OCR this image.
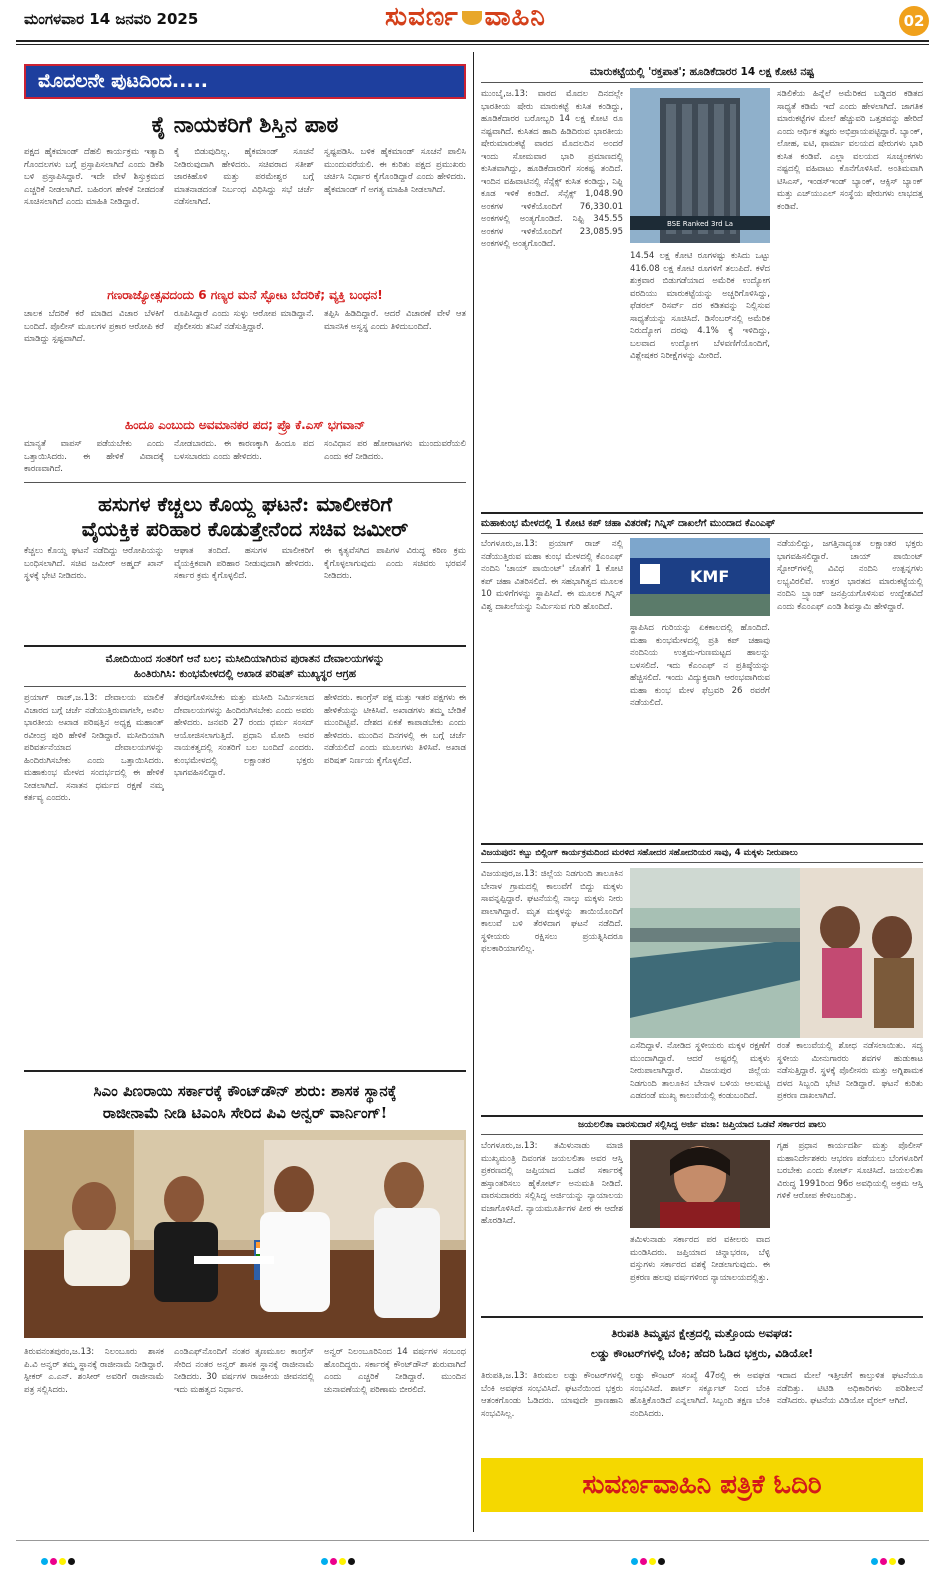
ಮಂಗಳವಾರ 14 ಜನವರಿ 2025	ಸುವರ್ಣ ವಾಹಿನಿ	02
ಮೊದಲನೇ ಪುಟದಿಂದ.....
ಕೈ ನಾಯಕರಿಗೆ ಶಿಸ್ತಿನ ಪಾಠ
ಪಕ್ಷದ ಹೈಕಮಾಂಡ್ ದೆಹಲಿ ಕಾರ್ಯಕ್ರಮ ಇತ್ಯಾದಿ ಗೊಂದಲಗಳು ಬಗ್ಗೆ ಪ್ರಸ್ತಾಪಿಸಲಾಗಿದೆ ಎಂದು ಡಿಕೆಶಿ ಬಳಿ ಪ್ರಸ್ತಾಪಿಸಿದ್ದಾರೆ. ಇದೇ ವೇಳೆ ಶಿಸ್ತುಕ್ರಮದ ಎಚ್ಚರಿಕೆ ನೀಡಲಾಗಿದೆ. ಬಹಿರಂಗ ಹೇಳಿಕೆ ನೀಡದಂತೆ ಸೂಚಿಸಲಾಗಿದೆ ಎಂದು ಮಾಹಿತಿ ನೀಡಿದ್ದಾರೆ.
ಕೈ ಬಿಡುವುದಿಲ್ಲ. ಹೈಕಮಾಂಡ್ ಸೂಚನೆ ನೀಡಿರುವುದಾಗಿ ಹೇಳಿದರು. ಸಚಿವರಾದ ಸತೀಶ್ ಜಾರಕಿಹೊಳಿ ಮತ್ತು ಪರಮೇಶ್ವರ ಬಗ್ಗೆ ಮಾತನಾಡದಂತೆ ನಿರ್ಬಂಧ ವಿಧಿಸಿದ್ದು ಸಭೆ ಚರ್ಚೆ ನಡೆಸಲಾಗಿದೆ.
ಸ್ವಷ್ಟಪಡಿಸಿ. ಬಳಿಕ ಹೈಕಮಾಂಡ್ ಸೂಚನೆ ಪಾಲಿಸಿ ಮುಂದುವರೆಯಲಿ. ಈ ಕುರಿತು ಪಕ್ಷದ ಪ್ರಮುಖರು ಚರ್ಚಿಸಿ ನಿರ್ಧಾರ ಕೈಗೊಂಡಿದ್ದಾರೆ ಎಂದು ಹೇಳಿದರು. ಹೈಕಮಾಂಡ್ ಗೆ ಅಗತ್ಯ ಮಾಹಿತಿ ನೀಡಲಾಗಿದೆ.
ಗಣರಾಜ್ಯೋತ್ಸವದಂದು 6 ಗಣ್ಯರ ಮನೆ ಸ್ಫೋಟ ಬೆದರಿಕೆ; ವ್ಯಕ್ತಿ ಬಂಧನ!
ಚಾಲಕ ಬೆದರಿಕೆ ಕರೆ ಮಾಡಿದ ವಿಚಾರ ಬೆಳಕಿಗೆ ಬಂದಿದೆ. ಪೊಲೀಸ್ ಮೂಲಗಳ ಪ್ರಕಾರ ಆರೋಪಿ ಕರೆ ಮಾಡಿದ್ದು ಸ್ಪಷ್ಟವಾಗಿದೆ.
ರೂಪಿಸಿದ್ದಾರೆ ಎಂದು ಸುಳ್ಳು ಆರೋಪ ಮಾಡಿದ್ದಾನೆ. ಪೊಲೀಸರು ತನಿಖೆ ನಡೆಸುತ್ತಿದ್ದಾರೆ.
ತಪ್ಪಿಸಿ ಹಿಡಿದಿದ್ದಾರೆ. ಆದರೆ ವಿಚಾರಣೆ ವೇಳೆ ಆತ ಮಾನಸಿಕ ಅಸ್ವಸ್ಥ ಎಂದು ತಿಳಿದುಬಂದಿದೆ.
ಹಿಂದೂ ಎಂಬುದು ಅವಮಾನಕರ ಪದ; ಪ್ರೊ ಕೆ.ಎಸ್ ಭಗವಾನ್
ಮಾನ್ಯತೆ ವಾಪಸ್ ಪಡೆಯಬೇಕು ಎಂದು ಒತ್ತಾಯಿಸಿದರು. ಈ ಹೇಳಿಕೆ ವಿವಾದಕ್ಕೆ ಕಾರಣವಾಗಿದೆ.
ನೋಡಬಾರದು. ಈ ಕಾರಣಕ್ಕಾಗಿ ಹಿಂದೂ ಪದ ಬಳಸಬಾರದು ಎಂದು ಹೇಳಿದರು.
ಸಂವಿಧಾನ ಪರ ಹೋರಾಟಗಳು ಮುಂದುವರೆಯಲಿ ಎಂದು ಕರೆ ನೀಡಿದರು.
ಹಸುಗಳ ಕೆಚ್ಚಲು ಕೊಯ್ದ ಘಟನೆ: ಮಾಲೀಕರಿಗೆ
ವೈಯಕ್ತಿಕ ಪರಿಹಾರ ಕೊಡುತ್ತೇನೆಂದ ಸಚಿವ ಜಮೀರ್
ಕೆಚ್ಚಲು ಕೊಯ್ದ ಘಟನೆ ನಡೆದಿದ್ದು ಆರೋಪಿಯನ್ನು ಬಂಧಿಸಲಾಗಿದೆ. ಸಚಿವ ಜಮೀರ್ ಅಹ್ಮದ್ ಖಾನ್ ಸ್ಥಳಕ್ಕೆ ಭೇಟಿ ನೀಡಿದರು.
ಆಘಾತ ತಂದಿದೆ. ಹಸುಗಳ ಮಾಲೀಕರಿಗೆ ವೈಯಕ್ತಿಕವಾಗಿ ಪರಿಹಾರ ನೀಡುವುದಾಗಿ ಹೇಳಿದರು. ಸರ್ಕಾರ ಕ್ರಮ ಕೈಗೊಳ್ಳಲಿದೆ.
ಈ ಕೃತ್ಯವೆಸಗಿದ ಪಾಪಿಗಳ ವಿರುದ್ಧ ಕಠಿಣ ಕ್ರಮ ಕೈಗೊಳ್ಳಲಾಗುವುದು ಎಂದು ಸಚಿವರು ಭರವಸೆ ನೀಡಿದರು.
ಮೋದಿಯಿಂದ ಸಂತರಿಗೆ ಆನೆ ಬಲ; ಮಸೀದಿಯಾಗಿರುವ ಪುರಾತನ ದೇವಾಲಯಗಳನ್ನು
ಹಿಂತಿರುಗಿಸಿ: ಕುಂಭಮೇಳದಲ್ಲಿ ಅಖಾಡ ಪರಿಷತ್ ಮುಖ್ಯಸ್ಥರ ಆಗ್ರಹ
ಪ್ರಯಾಗ್ ರಾಜ್,ಜ.13: ದೇವಾಲಯ ಮಾಲಿಕೆ ವಿಚಾರದ ಬಗ್ಗೆ ಚರ್ಚೆ ನಡೆಯುತ್ತಿರುವಾಗಲೇ, ಅಖಿಲ ಭಾರತೀಯ ಅಖಾಡ ಪರಿಷತ್ತಿನ ಅಧ್ಯಕ್ಷ ಮಹಾಂತ್ ರವೀಂದ್ರ ಪುರಿ ಹೇಳಿಕೆ ನೀಡಿದ್ದಾರೆ. ಮಸೀದಿಯಾಗಿ ಪರಿವರ್ತನೆಯಾದ ದೇವಾಲಯಗಳನ್ನು ಹಿಂದಿರುಗಿಸಬೇಕು ಎಂದು ಒತ್ತಾಯಿಸಿದರು. ಮಹಾಕುಂಭ ಮೇಳದ ಸಂದರ್ಭದಲ್ಲಿ ಈ ಹೇಳಿಕೆ ನೀಡಲಾಗಿದೆ. ಸನಾತನ ಧರ್ಮದ ರಕ್ಷಣೆ ನಮ್ಮ ಕರ್ತವ್ಯ ಎಂದರು.
ತೆರವುಗೊಳಿಸಬೇಕು ಮತ್ತು ಮಸೀದಿ ನಿರ್ಮಿಸಲಾದ ದೇವಾಲಯಗಳನ್ನು ಹಿಂದಿರುಗಿಸಬೇಕು ಎಂದು ಅವರು ಹೇಳಿದರು. ಜನವರಿ 27 ರಂದು ಧರ್ಮ ಸಂಸದ್ ಆಯೋಜಿಸಲಾಗುತ್ತಿದೆ. ಪ್ರಧಾನಿ ಮೋದಿ ಅವರ ನಾಯಕತ್ವದಲ್ಲಿ ಸಂತರಿಗೆ ಬಲ ಬಂದಿದೆ ಎಂದರು. ಕುಂಭಮೇಳದಲ್ಲಿ ಲಕ್ಷಾಂತರ ಭಕ್ತರು ಭಾಗವಹಿಸಲಿದ್ದಾರೆ.
ಹೇಳಿದರು. ಕಾಂಗ್ರೆಸ್ ಪಕ್ಷ ಮತ್ತು ಇತರ ಪಕ್ಷಗಳು ಈ ಹೇಳಿಕೆಯನ್ನು ಟೀಕಿಸಿವೆ. ಅಖಾಡಗಳು ತಮ್ಮ ಬೇಡಿಕೆ ಮುಂದಿಟ್ಟಿವೆ. ದೇಶದ ಏಕತೆ ಕಾಪಾಡಬೇಕು ಎಂದು ಹೇಳಿದರು. ಮುಂದಿನ ದಿನಗಳಲ್ಲಿ ಈ ಬಗ್ಗೆ ಚರ್ಚೆ ನಡೆಯಲಿದೆ ಎಂದು ಮೂಲಗಳು ತಿಳಿಸಿವೆ. ಅಖಾಡ ಪರಿಷತ್ ನಿರ್ಣಯ ಕೈಗೊಳ್ಳಲಿದೆ.
ಸಿಎಂ ಪಿಣರಾಯಿ ಸರ್ಕಾರಕ್ಕೆ ಕೌಂಟ್‌ಡೌನ್ ಶುರು: ಶಾಸಕ ಸ್ಥಾನಕ್ಕೆ
ರಾಜೀನಾಮೆ ನೀಡಿ ಟಿಎಂಸಿ ಸೇರಿದ ಪಿವಿ ಅನ್ವರ್ ವಾರ್ನಿಂಗ್!
ತಿರುವನಂತಪುರಂ,ಜ.13: ನಿಲಂಬೂರು ಶಾಸಕ ಪಿ.ವಿ ಅನ್ವರ್ ತಮ್ಮ ಸ್ಥಾನಕ್ಕೆ ರಾಜೀನಾಮೆ ನೀಡಿದ್ದಾರೆ. ಸ್ಪೀಕರ್ ಎ.ಎನ್. ಶಂಸೀರ್ ಅವರಿಗೆ ರಾಜೀನಾಮೆ ಪತ್ರ ಸಲ್ಲಿಸಿದರು.
ಎಂಡಿಎಫ್‌ನೊಂದಿಗೆ ನಂತರ ತೃಣಮೂಲ ಕಾಂಗ್ರೆಸ್ ಸೇರಿದ ನಂತರ ಅನ್ವರ್ ಶಾಸಕ ಸ್ಥಾನಕ್ಕೆ ರಾಜೀನಾಮೆ ನೀಡಿದರು. 30 ವರ್ಷಗಳ ರಾಜಕೀಯ ಜೀವನದಲ್ಲಿ ಇದು ಮಹತ್ವದ ನಿರ್ಧಾರ.
ಅನ್ವರ್ ನಿಲಂಬೂರಿನಿಂದ 14 ವರ್ಷಗಳ ಸಂಬಂಧ ಹೊಂದಿದ್ದರು. ಸರ್ಕಾರಕ್ಕೆ ಕೌಂಟ್‌ಡೌನ್ ಶುರುವಾಗಿದೆ ಎಂದು ಎಚ್ಚರಿಕೆ ನೀಡಿದ್ದಾರೆ. ಮುಂದಿನ ಚುನಾವಣೆಯಲ್ಲಿ ಪರಿಣಾಮ ಬೀರಲಿದೆ.
ಮಾರುಕಟ್ಟೆಯಲ್ಲಿ 'ರಕ್ತಪಾತ'; ಹೂಡಿಕೆದಾರರ 14 ಲಕ್ಷ ಕೋಟಿ ನಷ್ಟ
ಮುಂಬೈ,ಜ.13: ವಾರದ ಮೊದಲ ದಿನದಲ್ಲೇ ಭಾರತೀಯ ಷೇರು ಮಾರುಕಟ್ಟೆ ಕುಸಿತ ಕಂಡಿದ್ದು, ಹೂಡಿಕೆದಾರರ ಬರೋಬ್ಬರಿ 14 ಲಕ್ಷ ಕೋಟಿ ರೂ ನಷ್ಟವಾಗಿದೆ. ಕುಸಿತದ ಹಾದಿ ಹಿಡಿದಿರುವ ಭಾರತೀಯ ಷೇರುಮಾರುಕಟ್ಟೆ ವಾರದ ಮೊದಲದಿನ ಅಂದರೆ ಇಂದು ಸೋಮವಾರ ಭಾರಿ ಪ್ರಮಾಣದಲ್ಲಿ ಕುಸಿತವಾಗಿದ್ದು, ಹೂಡಿಕೆದಾರರಿಗೆ ಸಂಕಷ್ಟ ತಂದಿದೆ. ಇಂದಿನ ವಹಿವಾಟಿನಲ್ಲಿ ಸೆನ್ಸೆಕ್ಸ್ ಕುಸಿತ ಕಂಡಿದ್ದು, ನಿಫ್ಟಿ ಕೂಡ ಇಳಿಕೆ ಕಂಡಿದೆ. ಸೆನ್ಸೆಕ್ಸ್ 1,048.90 ಅಂಕಗಳ ಇಳಿಕೆಯೊಂದಿಗೆ 76,330.01 ಅಂಕಗಳಲ್ಲಿ ಅಂತ್ಯಗೊಂಡಿದೆ. ನಿಫ್ಟಿ 345.55 ಅಂಕಗಳ ಇಳಿಕೆಯೊಂದಿಗೆ 23,085.95 ಅಂಕಗಳಲ್ಲಿ ಅಂತ್ಯಗೊಂಡಿದೆ.
BSE Ranked 3rd La
ಸಡಿಲಿಕೆಯ ಹಿನ್ನೆಲೆ ಅಮೆರಿಕದ ಬಡ್ಡಿದರ ಕಡಿತದ ಸಾಧ್ಯತೆ ಕಡಿಮೆ ಇದೆ ಎಂದು ಹೇಳಲಾಗಿದೆ. ಜಾಗತಿಕ ಮಾರುಕಟ್ಟೆಗಳ ಮೇಲೆ ಹೆಚ್ಚುವರಿ ಒತ್ತಡವನ್ನು ಹೇರಿದೆ ಎಂದು ಆರ್ಥಿಕ ತಜ್ಞರು ಅಭಿಪ್ರಾಯಪಟ್ಟಿದ್ದಾರೆ. ಬ್ಯಾಂಕ್, ಲೋಹ, ಐಟಿ, ಫಾರ್ಮಾ ವಲಯದ ಷೇರುಗಳು ಭಾರಿ ಕುಸಿತ ಕಂಡಿವೆ. ಎಲ್ಲಾ ವಲಯದ ಸೂಚ್ಯಂಕಗಳು ನಷ್ಟದಲ್ಲಿ ವಹಿವಾಟು ಕೊನೆಗೊಳಿಸಿವೆ. ಅಂತಿಮವಾಗಿ ಟಿಸಿಎಸ್, ಇಂಡಸ್‌ಇಂಡ್ ಬ್ಯಾಂಕ್, ಆಕ್ಸಿಸ್ ಬ್ಯಾಂಕ್ ಮತ್ತು ಎಚ್‌ಯುಎಲ್ ಸಂಸ್ಥೆಯ ಷೇರುಗಳು ಲಾಭದತ್ತ ಕಂಡಿವೆ.
14.54 ಲಕ್ಷ ಕೋಟಿ ರೂಗಳಷ್ಟು ಕುಸಿದು ಒಟ್ಟು 416.08 ಲಕ್ಷ ಕೋಟಿ ರೂಗಳಿಗೆ ತಲುಪಿದೆ. ಕಳೆದ ಶುಕ್ರವಾರ ಬಿಡುಗಡೆಯಾದ ಅಮೆರಿಕ ಉದ್ಯೋಗ ವರದಿಯು ಮಾರುಕಟ್ಟೆಯನ್ನು ಅಚ್ಚರಿಗೊಳಿಸಿದ್ದು, ಫೆಡರಲ್ ರಿಸರ್ವ್ ದರ ಕಡಿತವನ್ನು ನಿಲ್ಲಿಸುವ ಸಾಧ್ಯತೆಯನ್ನು ಸೂಚಿಸಿದೆ. ಡಿಸೆಂಬರ್‌ನಲ್ಲಿ ಅಮೆರಿಕ ನಿರುದ್ಯೋಗ ದರವು 4.1% ಕ್ಕೆ ಇಳಿದಿದ್ದು, ಬಲವಾದ ಉದ್ಯೋಗ ಬೆಳವಣಿಗೆಯೊಂದಿಗೆ, ವಿಶ್ಲೇಷಕರ ನಿರೀಕ್ಷೆಗಳನ್ನು ಮೀರಿದೆ.
ಮಹಾಕುಂಭ ಮೇಳದಲ್ಲಿ 1 ಕೋಟಿ ಕಪ್ ಚಹಾ ವಿತರಣೆ; ಗಿನ್ನಿಸ್ ದಾಖಲೆಗೆ ಮುಂದಾದ ಕೆಎಂಎಫ್
ಬೆಂಗಳೂರು,ಜ.13: ಪ್ರಯಾಗ್ ರಾಜ್ ನಲ್ಲಿ ನಡೆಯುತ್ತಿರುವ ಮಹಾ ಕುಂಭ ಮೇಳದಲ್ಲಿ ಕೆಎಂಎಫ್ ನಂದಿನಿ 'ಚಾಯ್ ಪಾಯಿಂಟ್' ಜೊತೆಗೆ 1 ಕೋಟಿ ಕಪ್ ಚಹಾ ವಿತರಿಸಲಿದೆ. ಈ ಸಹಭಾಗಿತ್ವದ ಮೂಲಕ 10 ಮಳಿಗೆಗಳನ್ನು ಸ್ಥಾಪಿಸಿದೆ. ಈ ಮೂಲಕ ಗಿನ್ನಿಸ್ ವಿಶ್ವ ದಾಖಲೆಯನ್ನು ನಿರ್ಮಿಸುವ ಗುರಿ ಹೊಂದಿದೆ.
KMF
ಸ್ಥಾಪಿಸಿದ ಗುರಿಯನ್ನು ಏಕಕಾಲದಲ್ಲಿ ಹೊಂದಿದೆ. ಮಹಾ ಕುಂಭಮೇಳದಲ್ಲಿ ಪ್ರತಿ ಕಪ್ ಚಹಾವು ನಂದಿನಿಯ ಉತ್ತಮ-ಗುಣಮಟ್ಟದ ಹಾಲನ್ನು ಬಳಸಲಿದೆ. ಇದು ಕೆಎಂಎಫ್ ನ ಪ್ರತಿಷ್ಠೆಯನ್ನು ಹೆಚ್ಚಿಸಲಿದೆ. ಇಂದು ವಿದ್ಯುಕ್ತವಾಗಿ ಆರಂಭವಾಗಿರುವ ಮಹಾ ಕುಂಭ ಮೇಳ ಫೆಬ್ರವರಿ 26 ರವರೆಗೆ ನಡೆಯಲಿದೆ.
ನಡೆಯಲಿದ್ದು, ಜಗತ್ತಿನಾದ್ಯಂತ ಲಕ್ಷಾಂತರ ಭಕ್ತರು ಭಾಗವಹಿಸಲಿದ್ದಾರೆ. ಚಾಯ್ ಪಾಯಿಂಟ್ ಸ್ಟೋರ್‌ಗಳಲ್ಲಿ ವಿವಿಧ ನಂದಿನಿ ಉತ್ಪನ್ನಗಳು ಲಭ್ಯವಿರಲಿವೆ. ಉತ್ತರ ಭಾರತದ ಮಾರುಕಟ್ಟೆಯಲ್ಲಿ ನಂದಿನಿ ಬ್ರ್ಯಾಂಡ್ ಜನಪ್ರಿಯಗೊಳಿಸುವ ಉದ್ದೇಶವಿದೆ ಎಂದು ಕೆಎಂಎಫ್ ಎಂಡಿ ಶಿವಸ್ವಾಮಿ ಹೇಳಿದ್ದಾರೆ.
ವಿಜಯಪುರ: ಕಬ್ಬು ಬಿಲ್ಲಿಂಗ್ ಕಾರ್ಯಕ್ರಮದಿಂದ ಮರಳಿದ ಸಹೋದರ ಸಹೋದರಿಯರ ಸಾವು, 4 ಮಕ್ಕಳು ನೀರುಪಾಲು
ವಿಜಯಪುರ,ಜ.13: ಜಿಲ್ಲೆಯ ನಿಡಗುಂದಿ ತಾಲೂಕಿನ ಬೇನಾಳ ಗ್ರಾಮದಲ್ಲಿ ಕಾಲುವೆಗೆ ಬಿದ್ದು ಮಕ್ಕಳು ಸಾವನ್ನಪ್ಪಿದ್ದಾರೆ. ಘಟನೆಯಲ್ಲಿ ನಾಲ್ಕು ಮಕ್ಕಳು ನೀರು ಪಾಲಾಗಿದ್ದಾರೆ. ಮೃತ ಮಕ್ಕಳನ್ನು ತಾಯಿಯೊಂದಿಗೆ ಕಾಲುವೆ ಬಳಿ ತೆರಳಿದಾಗ ಘಟನೆ ನಡೆದಿದೆ. ಸ್ಥಳೀಯರು ರಕ್ಷಿಸಲು ಪ್ರಯತ್ನಿಸಿದರೂ ಫಲಕಾರಿಯಾಗಲಿಲ್ಲ.
ಎಸೆದಿದ್ದಾಳೆ. ನೋಡಿದ ಸ್ಥಳೀಯರು ಮಕ್ಕಳ ರಕ್ಷಣೆಗೆ ಮುಂದಾಗಿದ್ದಾರೆ. ಆದರೆ ಅಷ್ಟರಲ್ಲಿ ಮಕ್ಕಳು ನೀರುಪಾಲಾಗಿದ್ದಾರೆ. ವಿಜಯಪುರ ಜಿಲ್ಲೆಯ ನಿಡಗುಂದಿ ತಾಲೂಕಿನ ಬೇನಾಳ ಬಳಿಯ ಆಲಮಟ್ಟಿ ಎಡದಂಡೆ ಮುಖ್ಯ ಕಾಲುವೆಯಲ್ಲಿ ಕಂಡುಬಂದಿದೆ.
ರಂತೆ ಕಾಲುವೆಯಲ್ಲಿ ಶೋಧ ನಡೆಸಲಾಯಿತು. ಸದ್ಯ ಸ್ಥಳೀಯ ಮೀನುಗಾರರು ಶವಗಳ ಹುಡುಕಾಟ ನಡೆಸುತ್ತಿದ್ದಾರೆ. ಸ್ಥಳಕ್ಕೆ ಪೊಲೀಸರು ಮತ್ತು ಅಗ್ನಿಶಾಮಕ ದಳದ ಸಿಬ್ಬಂದಿ ಭೇಟಿ ನೀಡಿದ್ದಾರೆ. ಘಟನೆ ಕುರಿತು ಪ್ರಕರಣ ದಾಖಲಾಗಿದೆ.
ಜಯಲಲಿತಾ ವಾರಸುದಾರೆ ಸಲ್ಲಿಸಿದ್ದ ಅರ್ಜಿ ವಜಾ: ಜಪ್ತಿಯಾದ ಒಡವೆ ಸರ್ಕಾರದ ಪಾಲು
ಬೆಂಗಳೂರು,ಜ.13: ತಮಿಳುನಾಡು ಮಾಜಿ ಮುಖ್ಯಮಂತ್ರಿ ದಿವಂಗತ ಜಯಲಲಿತಾ ಅವರ ಆಸ್ತಿ ಪ್ರಕರಣದಲ್ಲಿ ಜಪ್ತಿಯಾದ ಒಡವೆ ಸರ್ಕಾರಕ್ಕೆ ಹಸ್ತಾಂತರಿಸಲು ಹೈಕೋರ್ಟ್ ಅನುಮತಿ ನೀಡಿದೆ. ವಾರಸುದಾರರು ಸಲ್ಲಿಸಿದ್ದ ಅರ್ಜಿಯನ್ನು ನ್ಯಾಯಾಲಯ ವಜಾಗೊಳಿಸಿದೆ. ನ್ಯಾಯಮೂರ್ತಿಗಳ ಪೀಠ ಈ ಆದೇಶ ಹೊರಡಿಸಿದೆ.
ತಮಿಳುನಾಡು ಸರ್ಕಾರದ ಪರ ವಕೀಲರು ವಾದ ಮಂಡಿಸಿದರು. ಜಪ್ತಿಯಾದ ಚಿನ್ನಾಭರಣ, ಬೆಳ್ಳಿ ವಸ್ತುಗಳು ಸರ್ಕಾರದ ವಶಕ್ಕೆ ನೀಡಲಾಗುವುದು. ಈ ಪ್ರಕರಣ ಹಲವು ವರ್ಷಗಳಿಂದ ನ್ಯಾಯಾಲಯದಲ್ಲಿತ್ತು.
ಗೃಹ ಪ್ರಧಾನ ಕಾರ್ಯದರ್ಶಿ ಮತ್ತು ಪೊಲೀಸ್ ಮಹಾನಿರ್ದೇಶಕರು ಆಭರಣ ಪಡೆಯಲು ಬೆಂಗಳೂರಿಗೆ ಬರಬೇಕು ಎಂದು ಕೋರ್ಟ್ ಸೂಚಿಸಿದೆ. ಜಯಲಲಿತಾ ವಿರುದ್ಧ 1991ರಿಂದ 96ರ ಅವಧಿಯಲ್ಲಿ ಅಕ್ರಮ ಆಸ್ತಿ ಗಳಿಕೆ ಆರೋಪ ಕೇಳಿಬಂದಿತ್ತು.
ತಿರುಪತಿ ತಿಮ್ಮಪ್ಪನ ಕ್ಷೇತ್ರದಲ್ಲಿ ಮತ್ತೊಂದು ಅವಘಡ:
ಲಡ್ಡು ಕೌಂಟರ್‌ಗಳಲ್ಲಿ ಬೆಂಕಿ; ಹೆದರಿ ಓಡಿದ ಭಕ್ತರು, ವಿಡಿಯೋ!
ತಿರುಪತಿ,ಜ.13: ತಿರುಮಲ ಲಡ್ಡು ಕೌಂಟರ್‌ಗಳಲ್ಲಿ ಬೆಂಕಿ ಅವಘಡ ಸಂಭವಿಸಿದೆ. ಘಟನೆಯಿಂದ ಭಕ್ತರು ಆತಂಕಗೊಂಡು ಓಡಿದರು. ಯಾವುದೇ ಪ್ರಾಣಹಾನಿ ಸಂಭವಿಸಿಲ್ಲ.
ಲಡ್ಡು ಕೌಂಟರ್ ಸಂಖ್ಯೆ 47ರಲ್ಲಿ ಈ ಅವಘಡ ಸಂಭವಿಸಿದೆ. ಶಾರ್ಟ್ ಸರ್ಕ್ಯೂಟ್ ನಿಂದ ಬೆಂಕಿ ಹೊತ್ತಿಕೊಂಡಿದೆ ಎನ್ನಲಾಗಿದೆ. ಸಿಬ್ಬಂದಿ ತಕ್ಷಣ ಬೆಂಕಿ ನಂದಿಸಿದರು.
ಇದಾದ ಮೇಲೆ ಇತ್ತೀಚೆಗೆ ಕಾಲ್ತುಳಿತ ಘಟನೆಯೂ ನಡೆದಿತ್ತು. ಟಿಟಿಡಿ ಅಧಿಕಾರಿಗಳು ಪರಿಶೀಲನೆ ನಡೆಸಿದರು. ಘಟನೆಯ ವಿಡಿಯೋ ವೈರಲ್ ಆಗಿದೆ.
ಸುವರ್ಣವಾಹಿನಿ ಪತ್ರಿಕೆ ಓದಿರಿ
